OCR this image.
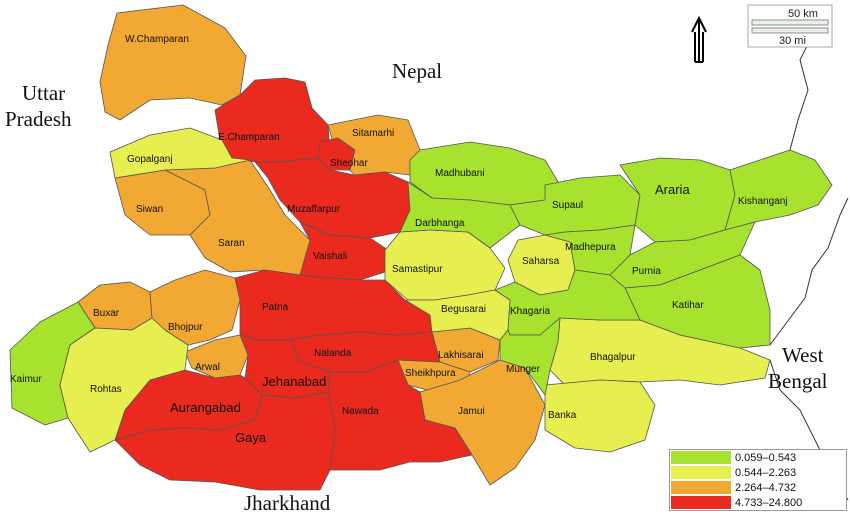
Uttar
Pradesh
Nepal
West
Bengal
Jharkhand
50 km
30 mi
W.Champaran
E.Champaran	Sitamarhi
Sheohar
Gopalganj
Siwan
Saran
Muzaffarpur
Vaishali
Madhubani
Darbhanga
Supaul
Araria
Kishanganj
Samastipur
Saharsa
Madhepura
Purnia
Katihar
Begusarai Khagaria
Buxar
Bhojpur
Patna
Kaimur
Rohtas
Arwal
Nalanda
Jehanabad
Lakhisarai
Sheikhpura	Munger
Bhagalpur
Aurangabad
Gaya
Nawada	Jamui	Banka
0.059–0.543
0.544–2.263
2.264–4.732
4.733–24.800
